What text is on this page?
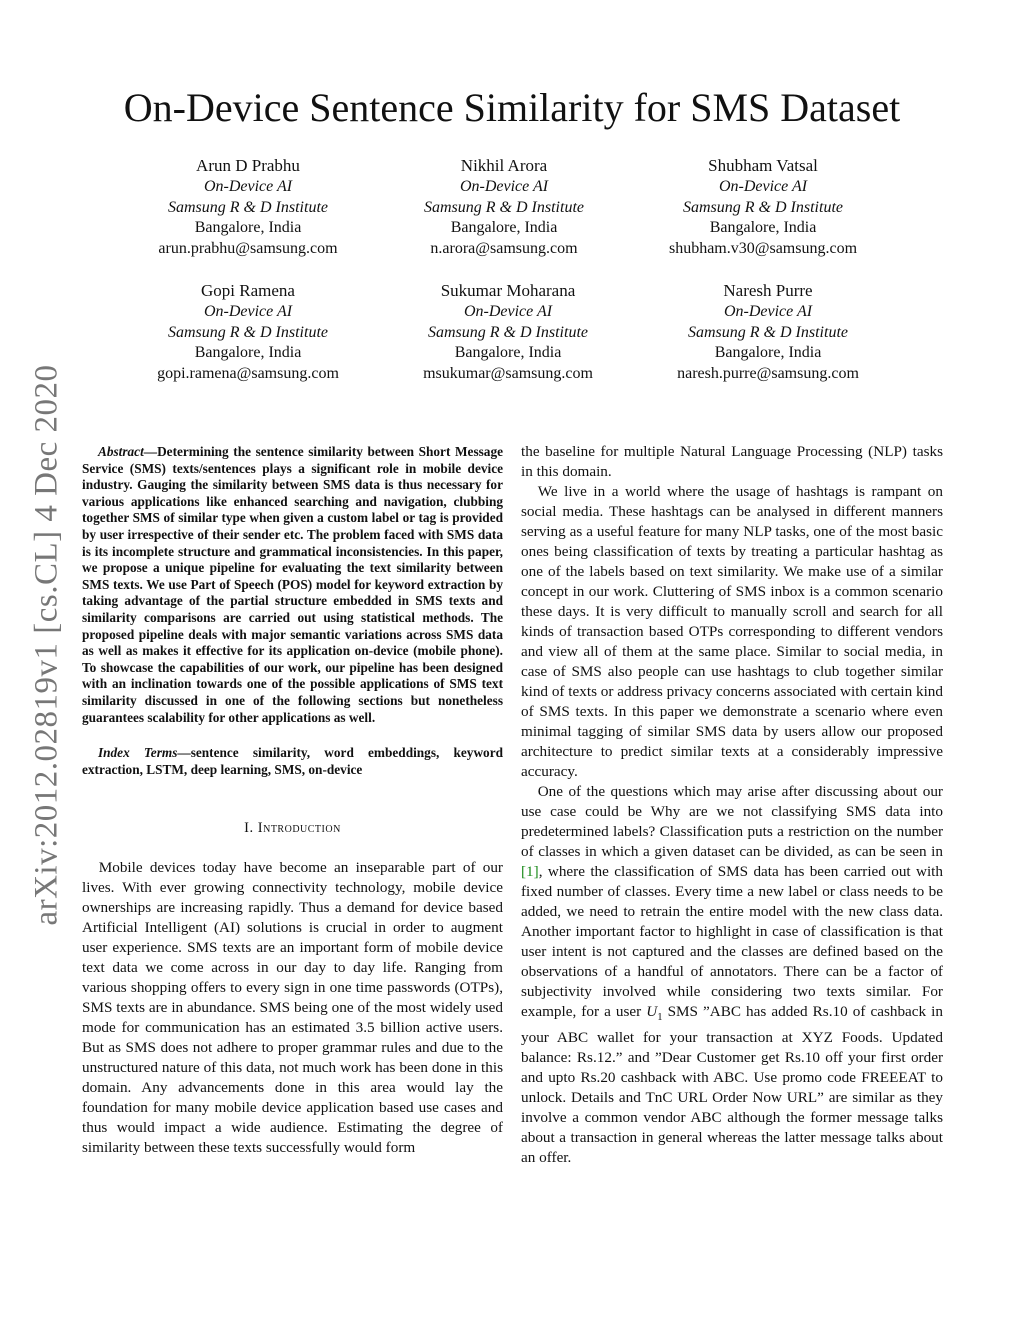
arXiv:2012.02819v1 [cs.CL] 4 Dec 2020
On-Device Sentence Similarity for SMS Dataset
Arun D Prabhu
On-Device AI
Samsung R & D Institute
Bangalore, India
arun.prabhu@samsung.com
Nikhil Arora
On-Device AI
Samsung R & D Institute
Bangalore, India
n.arora@samsung.com
Shubham Vatsal
On-Device AI
Samsung R & D Institute
Bangalore, India
shubham.v30@samsung.com
Gopi Ramena
On-Device AI
Samsung R & D Institute
Bangalore, India
gopi.ramena@samsung.com
Sukumar Moharana
On-Device AI
Samsung R & D Institute
Bangalore, India
msukumar@samsung.com
Naresh Purre
On-Device AI
Samsung R & D Institute
Bangalore, India
naresh.purre@samsung.com

Abstract—Determining the sentence similarity between Short Message Service (SMS) texts/sentences plays a significant role in mobile device industry. Gauging the similarity between SMS data is thus necessary for various applications like enhanced searching and navigation, clubbing together SMS of similar type when given a custom label or tag is provided by user irrespective of their sender etc. The problem faced with SMS data is its incomplete structure and grammatical inconsistencies. In this paper, we propose a unique pipeline for evaluating the text similarity between SMS texts. We use Part of Speech (POS) model for keyword extraction by taking advantage of the partial structure embedded in SMS texts and similarity comparisons are carried out using statistical methods. The proposed pipeline deals with major semantic variations across SMS data as well as makes it effective for its application on-device (mobile phone). To showcase the capabilities of our work, our pipeline has been designed with an inclination towards one of the possible applications of SMS text similarity discussed in one of the following sections but nonetheless guarantees scalability for other applications as well.

Index Terms—sentence similarity, word embeddings, keyword extraction, LSTM, deep learning, SMS, on-device

I. Introduction

Mobile devices today have become an inseparable part of our lives. With ever growing connectivity technology, mobile device ownerships are increasing rapidly. Thus a demand for device based Artificial Intelligent (AI) solutions is crucial in order to augment user experience. SMS texts are an important form of mobile device text data we come across in our day to day life. Ranging from various shopping offers to every sign in one time passwords (OTPs), SMS texts are in abundance. SMS being one of the most widely used mode for communication has an estimated 3.5 billion active users. But as SMS does not adhere to proper grammar rules and due to the unstructured nature of this data, not much work has been done in this domain. Any advancements done in this area would lay the foundation for many mobile device application based use cases and thus would impact a wide audience. Estimating the degree of similarity between these texts successfully would form

the baseline for multiple Natural Language Processing (NLP) tasks in this domain.

We live in a world where the usage of hashtags is rampant on social media. These hashtags can be analysed in different manners serving as a useful feature for many NLP tasks, one of the most basic ones being classification of texts by treating a particular hashtag as one of the labels based on text similarity. We make use of a similar concept in our work. Cluttering of SMS inbox is a common scenario these days. It is very difficult to manually scroll and search for all kinds of transaction based OTPs corresponding to different vendors and view all of them at the same place. Similar to social media, in case of SMS also people can use hashtags to club together similar kind of texts or address privacy concerns associated with certain kind of SMS texts. In this paper we demonstrate a scenario where even minimal tagging of similar SMS data by users allow our proposed architecture to predict similar texts at a considerably impressive accuracy.

One of the questions which may arise after discussing about our use case could be Why are we not classifying SMS data into predetermined labels? Classification puts a restriction on the number of classes in which a given dataset can be divided, as can be seen in [1], where the classification of SMS data has been carried out with fixed number of classes. Every time a new label or class needs to be added, we need to retrain the entire model with the new class data. Another important factor to highlight in case of classification is that user intent is not captured and the classes are defined based on the observations of a handful of annotators. There can be a factor of subjectivity involved while considering two texts similar. For example, for a user $U_1$ SMS ”ABC has added Rs.10 of cashback in your ABC wallet for your transaction at XYZ Foods. Updated balance: Rs.12.” and ”Dear Customer get Rs.10 off your first order and upto Rs.20 cashback with ABC. Use promo code FREEEAT to unlock. Details and TnC URL Order Now URL” are similar as they involve a common vendor ABC although the former message talks about a transaction in general whereas the latter message talks about an offer.
